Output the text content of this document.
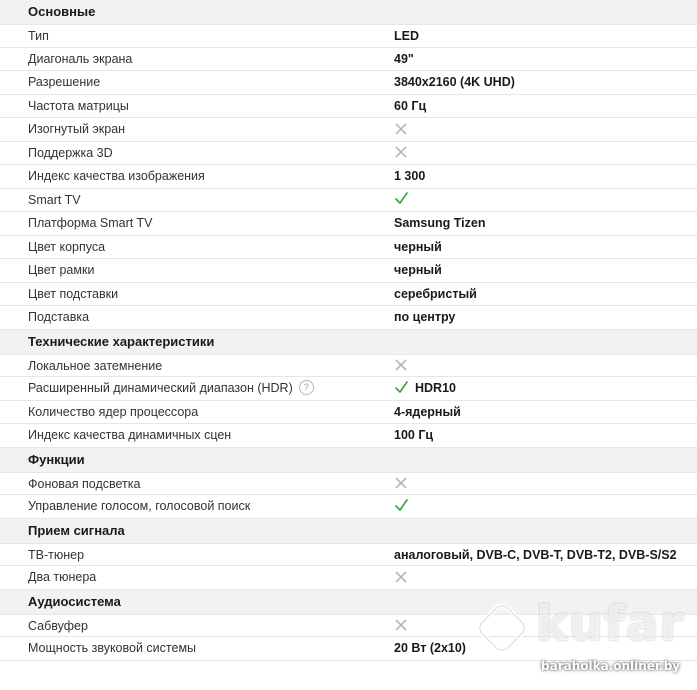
Основные
Тип	LED
Диагональ экрана	49"
Разрешение	3840x2160 (4K UHD)
Частота матрицы	60 Гц
Изогнутый экран
Поддержка 3D
Индекс качества изображения	1 300
Smart TV
Платформа Smart TV	Samsung Tizen
Цвет корпуса	черный
Цвет рамки	черный
Цвет подставки	серебристый
Подставка	по центру
Технические характеристики
Локальное затемнение
Расширенный динамический диапазон (HDR) ?	HDR10
Количество ядер процессора	4-ядерный
Индекс качества динамичных сцен	100 Гц
Функции
Фоновая подсветка
Управление голосом, голосовой поиск
Прием сигнала
ТВ-тюнер	аналоговый, DVB-C, DVB-T, DVB-T2, DVB-S/S2
Два тюнера
Аудиосистема
Сабвуфер
Мощность звуковой системы	20 Вт (2x10) kufar
baraholka.onliner.by
